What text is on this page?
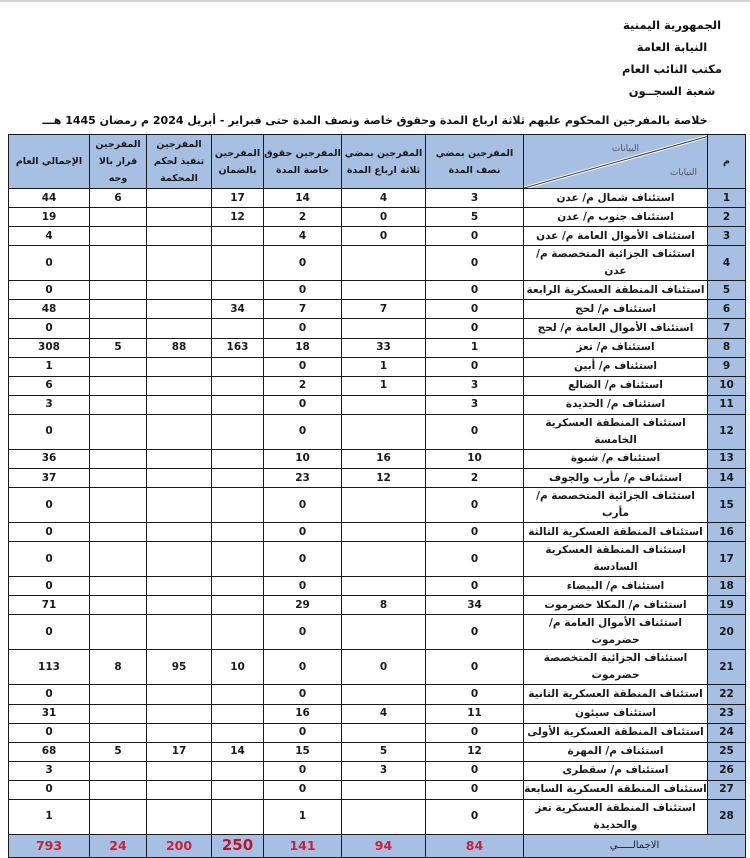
الجمهورية اليمنية
النيابة العامة
مكتب النائب العام
شعبة السجــون
خلاصة بالمفرجين المحكوم عليهم ثلاثة ارباع المدة وحقوق خاصة ونصف المدة حتى فبراير - أبريل 2024 م رمضان 1445 هـــ
م	البيانات
النيابات	المفرجين بمضي نصف المدة	المفرجين بمضي ثلاثة ارباع المدة	المفرجين حقوق خاصة المدة	المفرجين بالضمان	المفرجين تنفيذ لحكم المحكمة	المفرجين قرار بالا وجه	الإجمالي العام
1	استئناف شمال م/ عدن	3	4	14	17		6	44
2	استئناف جنوب م/ عدن	5	0	2	12			19
3	استئناف الأموال العامة م/ عدن	0	0	4				4
4	استئناف الجزائية المتخصصة م/ عدن	0		0				0
5	استئناف المنطقة العسكرية الرابعة	0		0				0
6	استئناف م/ لحج	0	7	7	34			48
7	استئناف الأموال العامة م/ لحج	0		0				0
8	استئناف م/ تعز	1	33	18	163	88	5	308
9	استئناف م/ أبين	0	1	0				1
10	استئناف م/ الضالع	3	1	2				6
11	استئناف م/ الحديدة	3		0				3
12	استئناف المنطقة العسكرية الخامسة	0		0				0
13	استئناف م/ شبوة	10	16	10				36
14	استئناف م/ مأرب والجوف	2	12	23				37
15	استئناف الجزائية المتخصصة م/ مأرب	0		0				0
16	استئناف المنطقة العسكرية الثالثة	0		0				0
17	استئناف المنطقة العسكرية السادسة	0		0				0
18	استئناف م/ البيضاء	0		0				0
19	استئناف م/ المكلا حضرموت	34	8	29				71
20	استئناف الأموال العامة م/ حضرموت	0		0				0
21	استئناف الجزائية المتخصصة حضرموت	0	0	0	10	95	8	113
22	استئناف المنطقة العسكرية الثانية	0		0				0
23	استئناف سيئون	11	4	16				31
24	استئناف المنطقة العسكرية الأولى	0		0				0
25	استئناف م/ المهرة	12	5	15	14	17	5	68
26	استئناف م/ سقطرى	0	3	0				3
27	استئناف المنطقة العسكرية السابعة	0		0				0
28	استئناف المنطقة العسكرية تعز والحديدة	0		1				1
الاجمالـــــي		84	94	141	250	200	24	793
